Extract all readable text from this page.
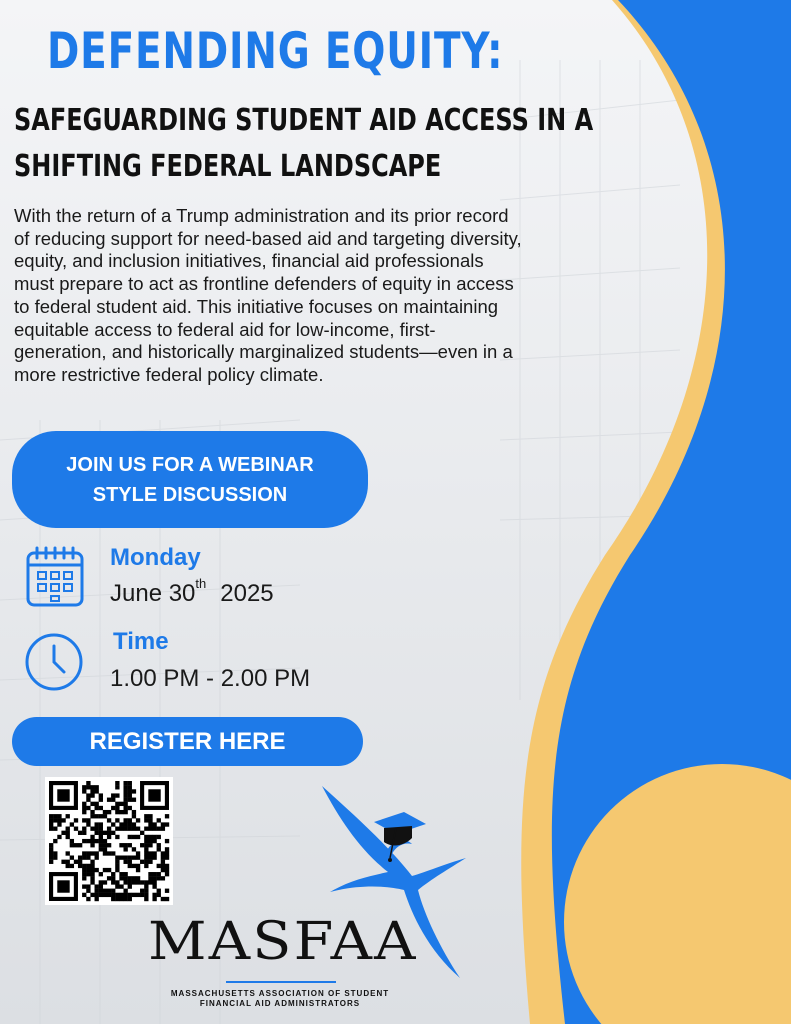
DEFENDING EQUITY:
SAFEGUARDING STUDENT AID ACCESS IN A
SHIFTING FEDERAL LANDSCAPE

With the return of a Trump administration and its prior record
of reducing support for need-based aid and targeting diversity,
equity, and inclusion initiatives, financial aid professionals
must prepare to act as frontline defenders of equity in access
to federal student aid. This initiative focuses on maintaining
equitable access to federal aid for low-income, first-
generation, and historically marginalized students—even in a
more restrictive federal policy climate.

JOIN US FOR A WEBINAR
STYLE DISCUSSION
Monday
June 30th 2025
Time
1.00 PM - 2.00 PM
REGISTER HERE
MASFAA
MASSACHUSETTS ASSOCIATION OF STUDENT
FINANCIAL AID ADMINISTRATORS
